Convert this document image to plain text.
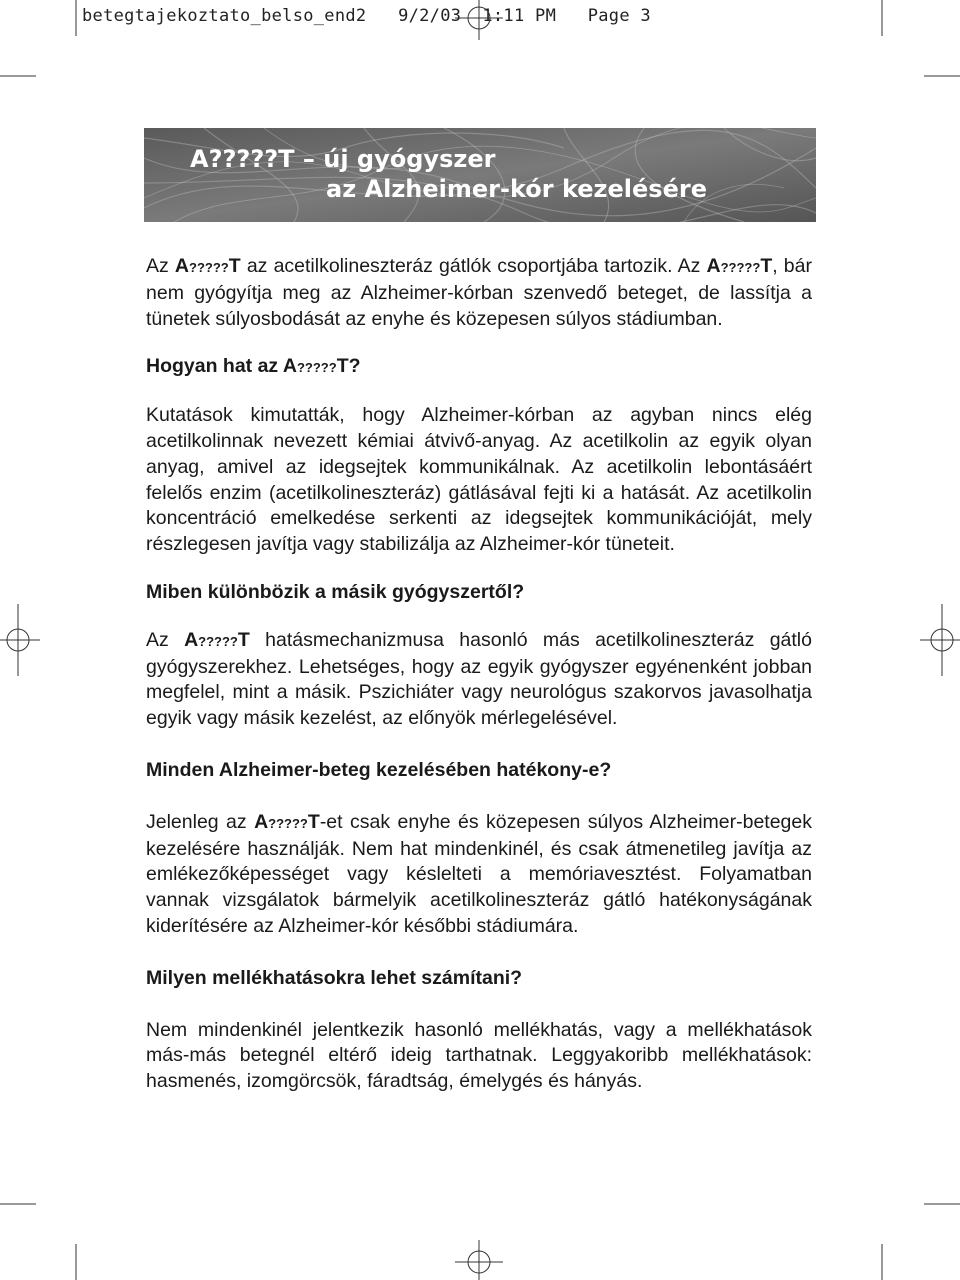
betegtajekoztato_belso_end2 9/2/03 1:11 PM Page 3
A?????T – új gyógyszer
az Alzheimer-kór kezelésére

Az A?????T az acetilkolineszteráz gátlók csoportjába tartozik. Az A?????T, bár nem gyógyítja meg az Alzheimer-kórban szenvedő beteget, de lassítja a tünetek súlyosbodását az enyhe és közepesen súlyos stádiumban.

Hogyan hat az A?????T?

Kutatások kimutatták, hogy Alzheimer-kórban az agyban nincs elég acetilkolinnak nevezett kémiai átvivő-anyag. Az acetilkolin az egyik olyan anyag, amivel az idegsejtek kommunikálnak. Az acetilkolin lebontásáért felelős enzim (acetilkolineszteráz) gátlásával fejti ki a hatását. Az acetilkolin koncentráció emelkedése serkenti az idegsejtek kommunikációját, mely részlegesen javítja vagy stabilizálja az Alzheimer-kór tüneteit.

Miben különbözik a másik gyógyszertől?

Az A?????T hatásmechanizmusa hasonló más acetilkolineszteráz gátló gyógyszerekhez. Lehetséges, hogy az egyik gyógyszer egyénenként jobban megfelel, mint a másik. Pszichiáter vagy neurológus szakorvos javasolhatja egyik vagy másik kezelést, az előnyök mérlegelésével.

Minden Alzheimer-beteg kezelésében hatékony-e?

Jelenleg az A?????T-et csak enyhe és közepesen súlyos Alzheimer-betegek kezelésére használják. Nem hat mindenkinél, és csak átmenetileg javítja az emlékezőképességet vagy késlelteti a memóriavesztést. Folyamatban vannak vizsgálatok bármelyik acetilkolineszteráz gátló hatékonyságának kiderítésére az Alzheimer-kór későbbi stádiumára.

Milyen mellékhatásokra lehet számítani?

Nem mindenkinél jelentkezik hasonló mellékhatás, vagy a mellékhatások más-más betegnél eltérő ideig tarthatnak. Leggyakoribb mellékhatások: hasmenés, izomgörcsök, fáradtság, émelygés és hányás.
